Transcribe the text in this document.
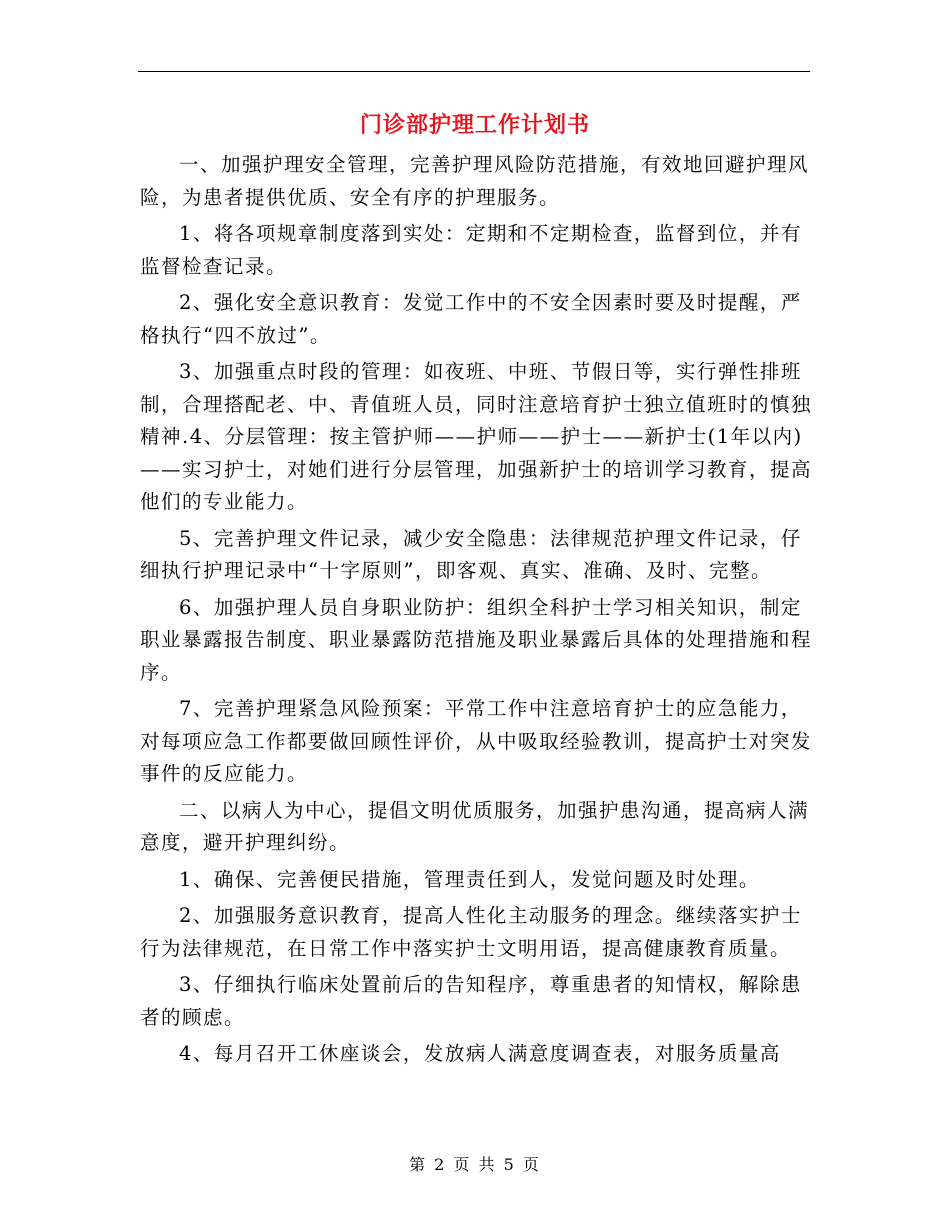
门诊部护理工作计划书

一、加强护理安全管理，完善护理风险防范措施，有效地回避护理风险，为患者提供优质、安全有序的护理服务。

1、将各项规章制度落到实处：定期和不定期检查，监督到位，并有监督检查记录。

2、强化安全意识教育：发觉工作中的不安全因素时要及时提醒，严格执行“四不放过”。

3、加强重点时段的管理：如夜班、中班、节假日等，实行弹性排班制，合理搭配老、中、青值班人员，同时注意培育护士独立值班时的慎独精神.4、分层管理：按主管护师——护师——护士——新护士(1年以内)——实习护士，对她们进行分层管理，加强新护士的培训学习教育，提高他们的专业能力。

5、完善护理文件记录，减少安全隐患：法律规范护理文件记录，仔细执行护理记录中“十字原则”，即客观、真实、准确、及时、完整。

6、加强护理人员自身职业防护：组织全科护士学习相关知识，制定职业暴露报告制度、职业暴露防范措施及职业暴露后具体的处理措施和程序。

7、完善护理紧急风险预案：平常工作中注意培育护士的应急能力，对每项应急工作都要做回顾性评价，从中吸取经验教训，提高护士对突发事件的反应能力。

二、以病人为中心，提倡文明优质服务，加强护患沟通，提高病人满意度，避开护理纠纷。

1、确保、完善便民措施，管理责任到人，发觉问题及时处理。

2、加强服务意识教育，提高人性化主动服务的理念。继续落实护士行为法律规范，在日常工作中落实护士文明用语，提高健康教育质量。

3、仔细执行临床处置前后的告知程序，尊重患者的知情权，解除患者的顾虑。

4、每月召开工休座谈会，发放病人满意度调查表，对服务质量高

第 2 页 共 5 页
